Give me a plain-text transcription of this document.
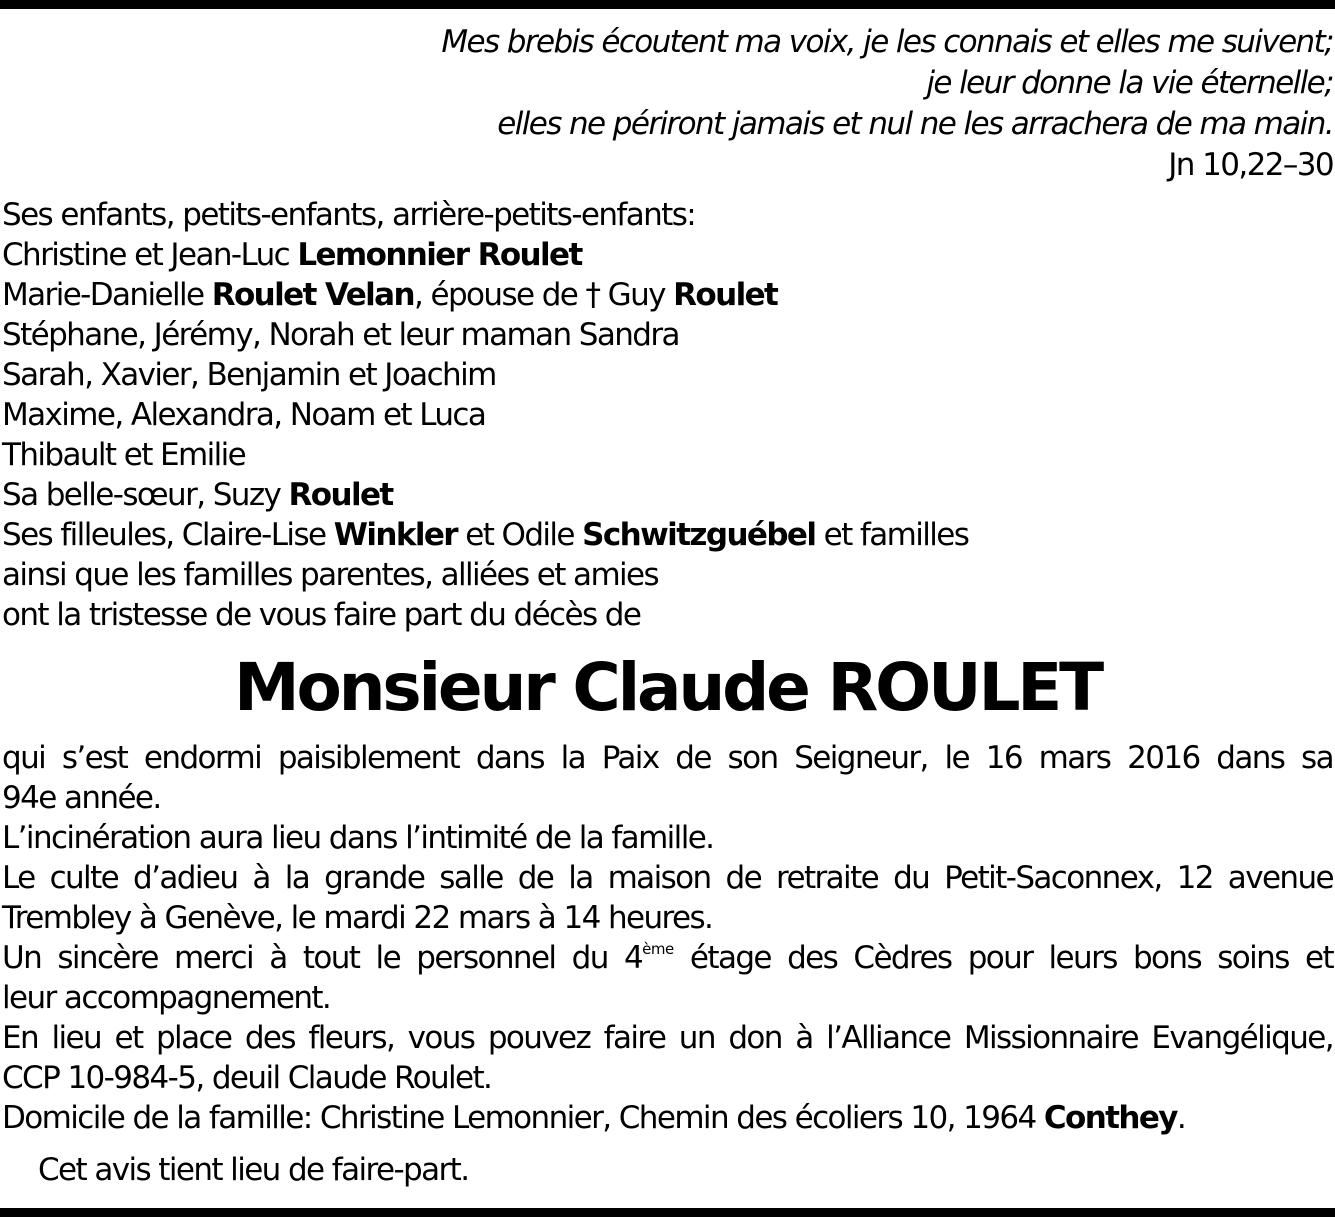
Mes brebis écoutent ma voix, je les connais et elles me suivent;
je leur donne la vie éternelle;
elles ne périront jamais et nul ne les arrachera de ma main.
Jn 10,22–30
Ses enfants, petits-enfants, arrière-petits-enfants:
Christine et Jean-Luc Lemonnier Roulet
Marie-Danielle Roulet Velan, épouse de † Guy Roulet
Stéphane, Jérémy, Norah et leur maman Sandra
Sarah, Xavier, Benjamin et Joachim
Maxime, Alexandra, Noam et Luca
Thibault et Emilie
Sa belle-sœur, Suzy Roulet
Ses filleules, Claire-Lise Winkler et Odile Schwitzguébel et familles
ainsi que les familles parentes, alliées et amies
ont la tristesse de vous faire part du décès de
Monsieur Claude ROULET
qui s’est endormi paisiblement dans la Paix de son Seigneur, le 16 mars 2016 dans sa
94e année.
L’incinération aura lieu dans l’intimité de la famille.
Le culte d’adieu à la grande salle de la maison de retraite du Petit-Saconnex, 12 avenue
Trembley à Genève, le mardi 22 mars à 14 heures.
Un sincère merci à tout le personnel du 4ème étage des Cèdres pour leurs bons soins et
leur accompagnement.
En lieu et place des fleurs, vous pouvez faire un don à l’Alliance Missionnaire Evangélique,
CCP 10-984-5, deuil Claude Roulet.
Domicile de la famille: Christine Lemonnier, Chemin des écoliers 10, 1964 Conthey.
Cet avis tient lieu de faire-part.
